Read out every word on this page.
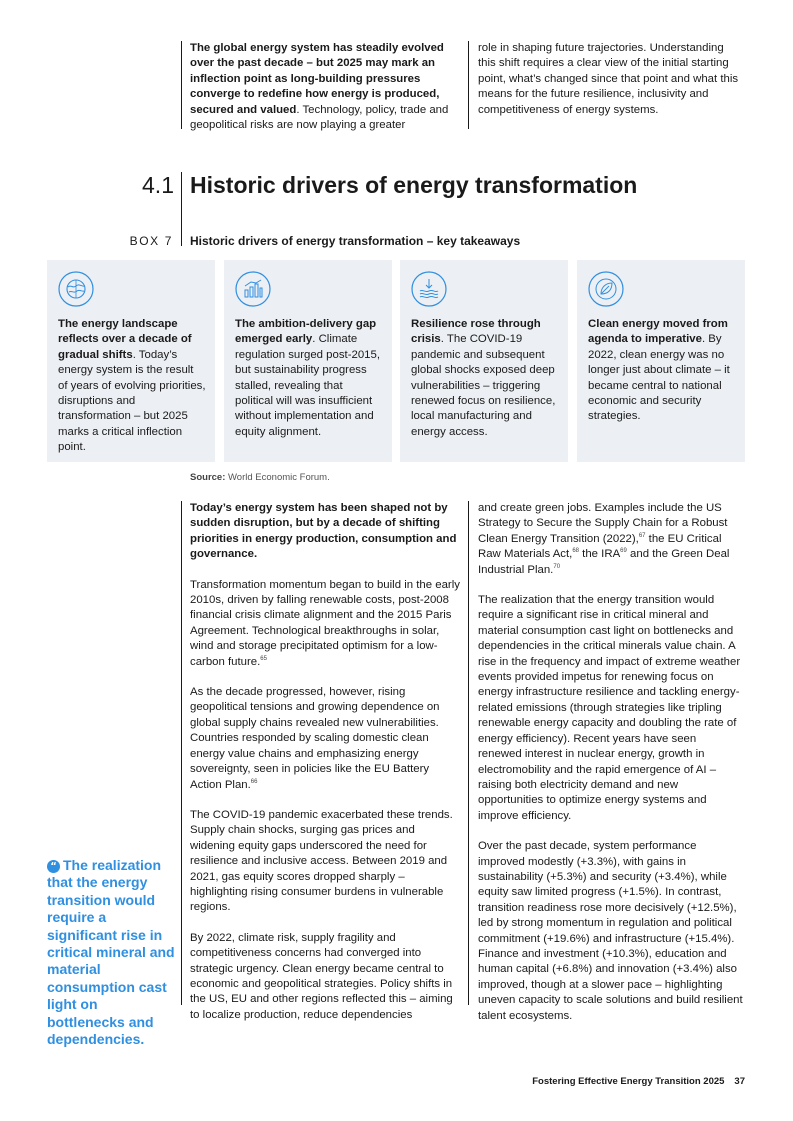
The global energy system has steadily evolved over the past decade – but 2025 may mark an inflection point as long-building pressures converge to redefine how energy is produced, secured and valued. Technology, policy, trade and geopolitical risks are now playing a greater
role in shaping future trajectories. Understanding this shift requires a clear view of the initial starting point, what’s changed since that point and what this means for the future resilience, inclusivity and competitiveness of energy systems.
4.1 Historic drivers of energy transformation
BOX 7 Historic drivers of energy transformation – key takeaways
The energy landscape reflects over a decade of gradual shifts. Today’s energy system is the result of years of evolving priorities, disruptions and transformation – but 2025 marks a critical inflection point.
The ambition-delivery gap emerged early. Climate regulation surged post-2015, but sustainability progress stalled, revealing that political will was insufficient without implementation and equity alignment.
Resilience rose through crisis. The COVID-19 pandemic and subsequent global shocks exposed deep vulnerabilities – triggering renewed focus on resilience, local manufacturing and energy access.
Clean energy moved from agenda to imperative. By 2022, clean energy was no longer just about climate – it became central to national economic and security strategies.
Source: World Economic Forum.

Today’s energy system has been shaped not by sudden disruption, but by a decade of shifting priorities in energy production, consumption and governance.

Transformation momentum began to build in the early 2010s, driven by falling renewable costs, post-2008 financial crisis climate alignment and the 2015 Paris Agreement. Technological breakthroughs in solar, wind and storage precipitated optimism for a low-carbon future.$^{65}$

As the decade progressed, however, rising geopolitical tensions and growing dependence on global supply chains revealed new vulnerabilities. Countries responded by scaling domestic clean energy value chains and emphasizing energy sovereignty, seen in policies like the EU Battery Action Plan.$^{66}$

The COVID-19 pandemic exacerbated these trends. Supply chain shocks, surging gas prices and widening equity gaps underscored the need for resilience and inclusive access. Between 2019 and 2021, gas equity scores dropped sharply – highlighting rising consumer burdens in vulnerable regions.

By 2022, climate risk, supply fragility and competitiveness concerns had converged into strategic urgency. Clean energy became central to economic and geopolitical strategies. Policy shifts in the US, EU and other regions reflected this – aiming to localize production, reduce dependencies

and create green jobs. Examples include the US Strategy to Secure the Supply Chain for a Robust Clean Energy Transition (2022),$^{67}$ the EU Critical Raw Materials Act,$^{68}$ the IRA$^{69}$ and the Green Deal Industrial Plan.$^{70}$

The realization that the energy transition would require a significant rise in critical mineral and material consumption cast light on bottlenecks and dependencies in the critical minerals value chain. A rise in the frequency and impact of extreme weather events provided impetus for renewing focus on energy infrastructure resilience and tackling energy-related emissions (through strategies like tripling renewable energy capacity and doubling the rate of energy efficiency). Recent years have seen renewed interest in nuclear energy, growth in electromobility and the rapid emergence of AI – raising both electricity demand and new opportunities to optimize energy systems and improve efficiency.

Over the past decade, system performance improved modestly (+3.3%), with gains in sustainability (+5.3%) and security (+3.4%), while equity saw limited progress (+1.5%). In contrast, transition readiness rose more decisively (+12.5%), led by strong momentum in regulation and political commitment (+19.6%) and infrastructure (+15.4%). Finance and investment (+10.3%), education and human capital (+6.8%) and innovation (+3.4%) also improved, though at a slower pace – highlighting uneven capacity to scale solutions and build resilient talent ecosystems.

“ The realization that the energy transition would require a significant rise in critical mineral and material consumption cast light on bottlenecks and dependencies.
Fostering Effective Energy Transition 2025 37
